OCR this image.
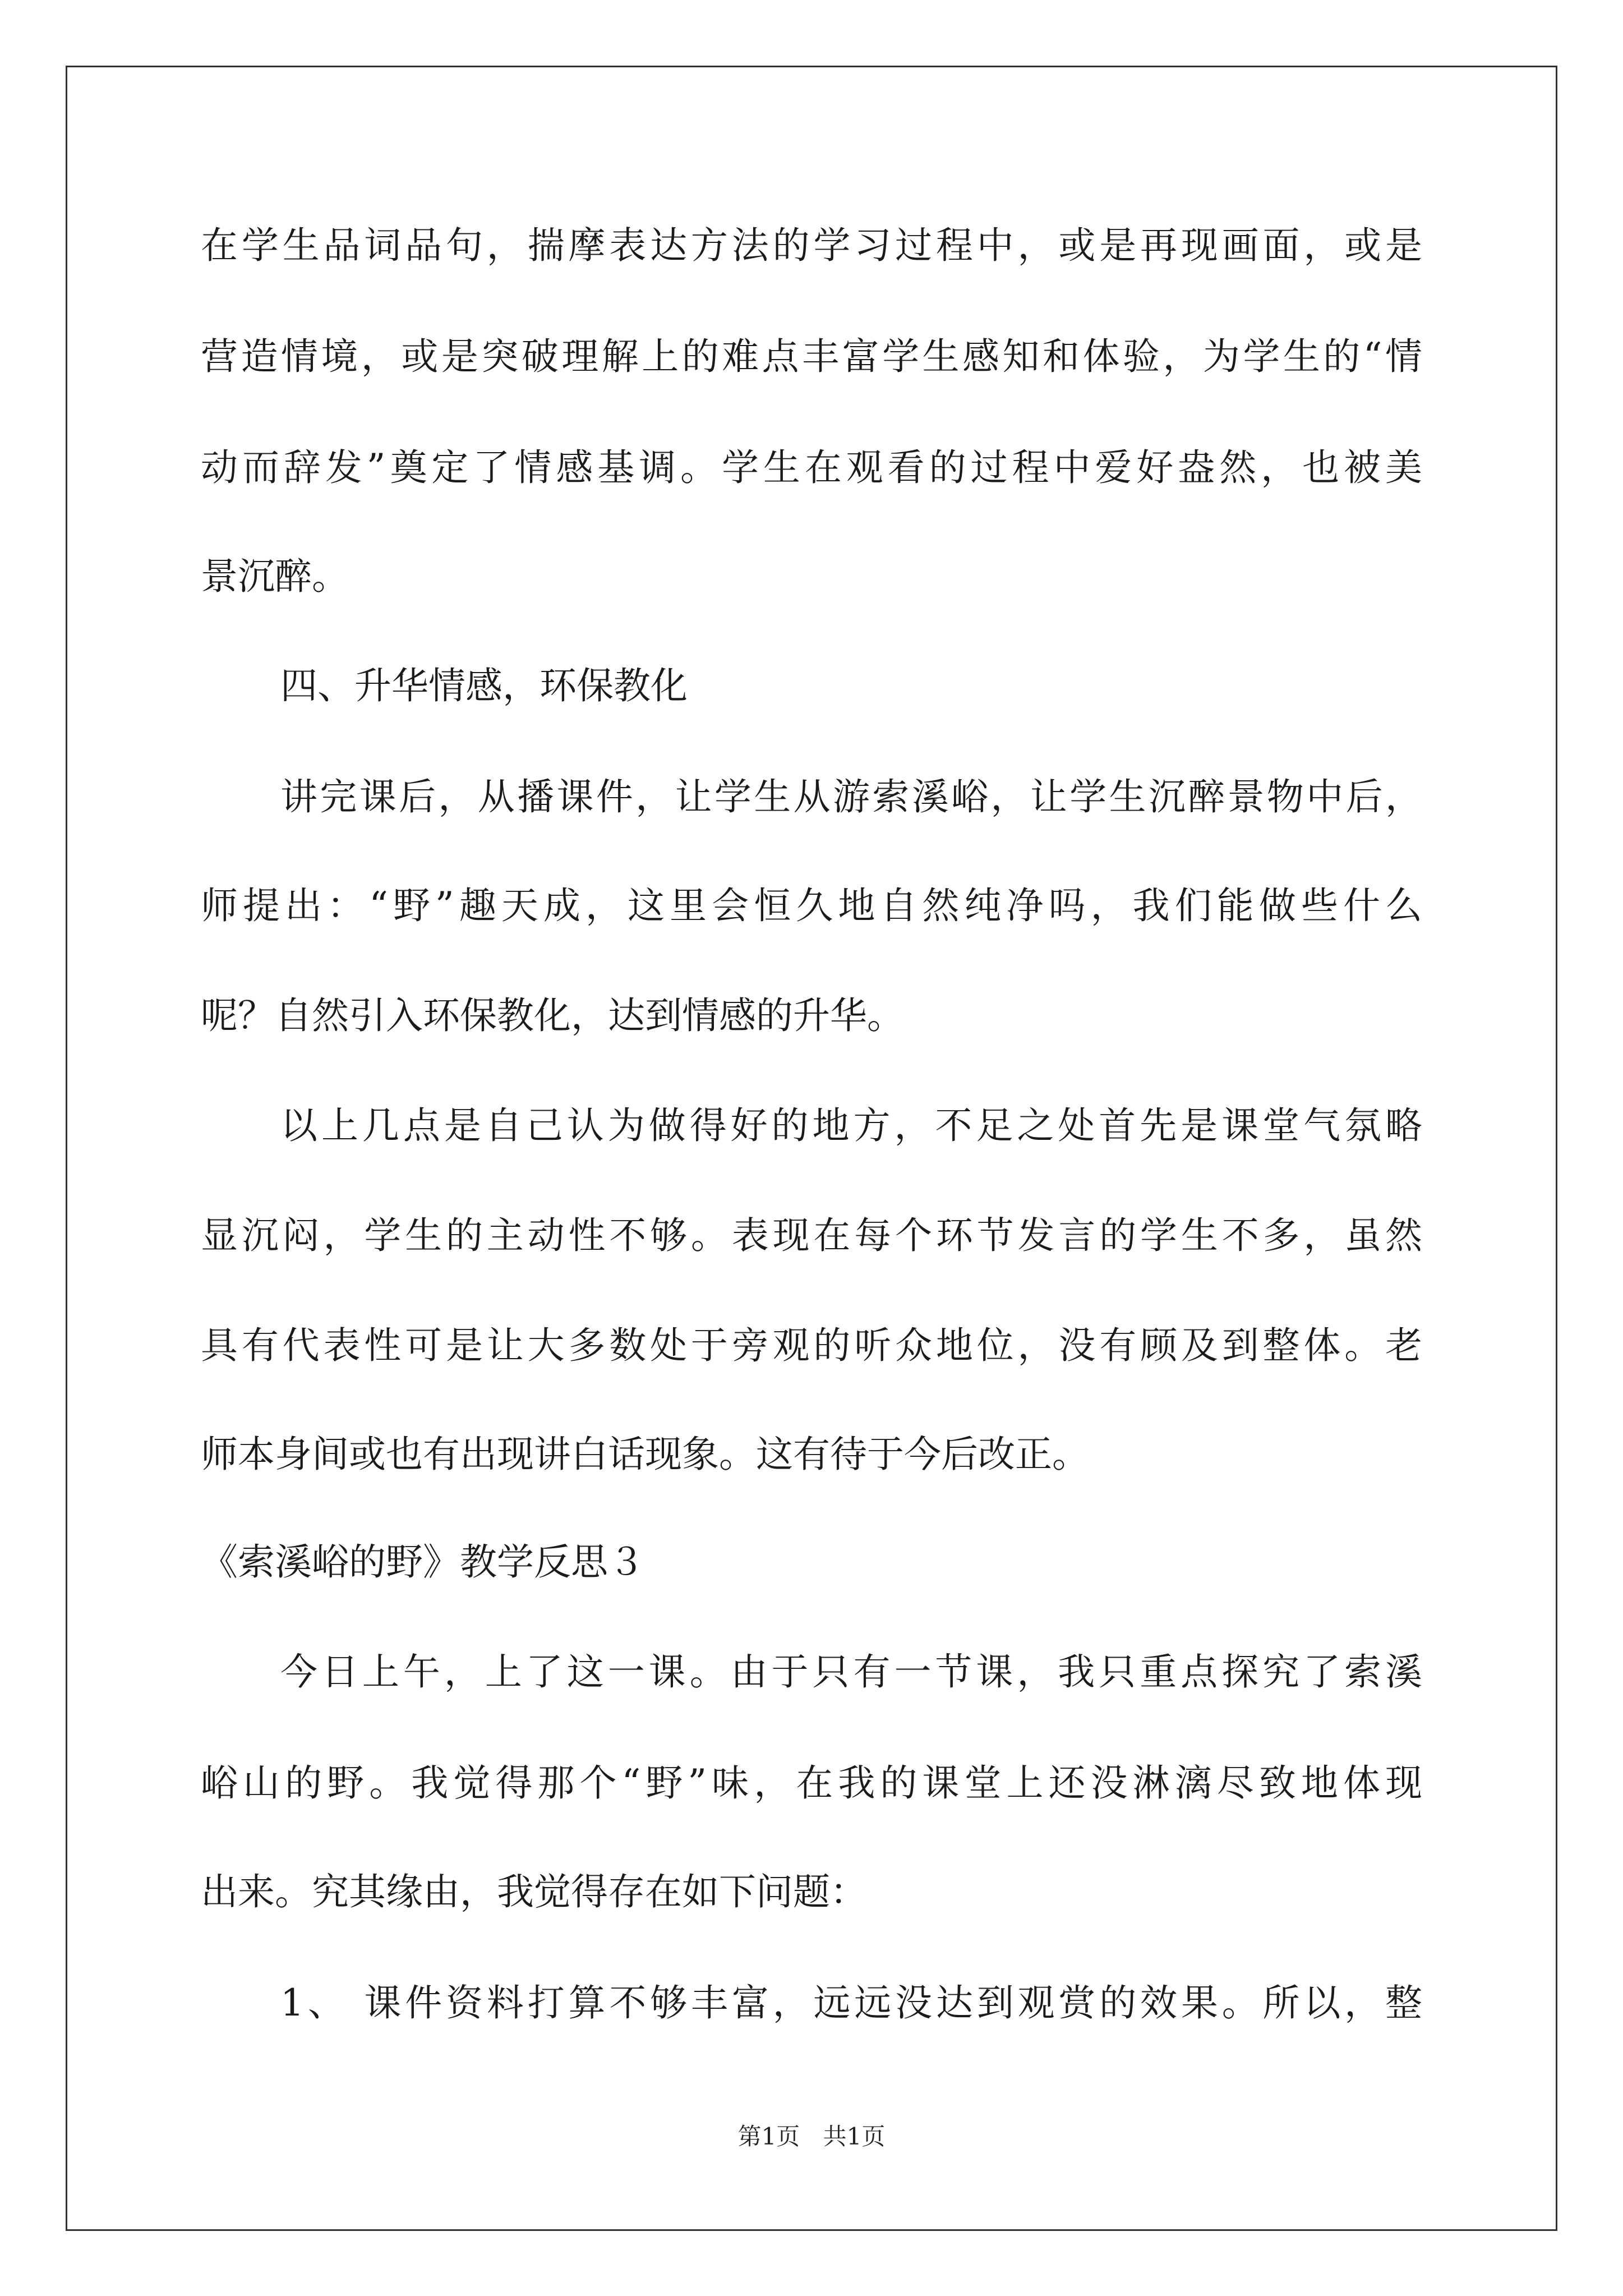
在学生品词品句，揣摩表达方法的学习过程中，或是再现画面，或是

营造情境，或是突破理解上的难点丰富学生感知和体验，为学生的“情

动而辞发”奠定了情感基调。学生在观看的过程中爱好盎然，也被美

景沉醉。

四、升华情感，环保教化

讲完课后，从播课件，让学生从游索溪峪，让学生沉醉景物中后，

师提出：“野”趣天成，这里会恒久地自然纯净吗，我们能做些什么

呢？自然引入环保教化，达到情感的升华。

以上几点是自己认为做得好的地方，不足之处首先是课堂气氛略

显沉闷，学生的主动性不够。表现在每个环节发言的学生不多，虽然

具有代表性可是让大多数处于旁观的听众地位，没有顾及到整体。老

师本身间或也有出现讲白话现象。这有待于今后改正。

《索溪峪的野》教学反思３

今日上午，上了这一课。由于只有一节课，我只重点探究了索溪

峪山的野。我觉得那个“野”味，在我的课堂上还没淋漓尽致地体现

出来。究其缘由，我觉得存在如下问题：

1、 课件资料打算不够丰富，远远没达到观赏的效果。所以，整

第1页 共1页
